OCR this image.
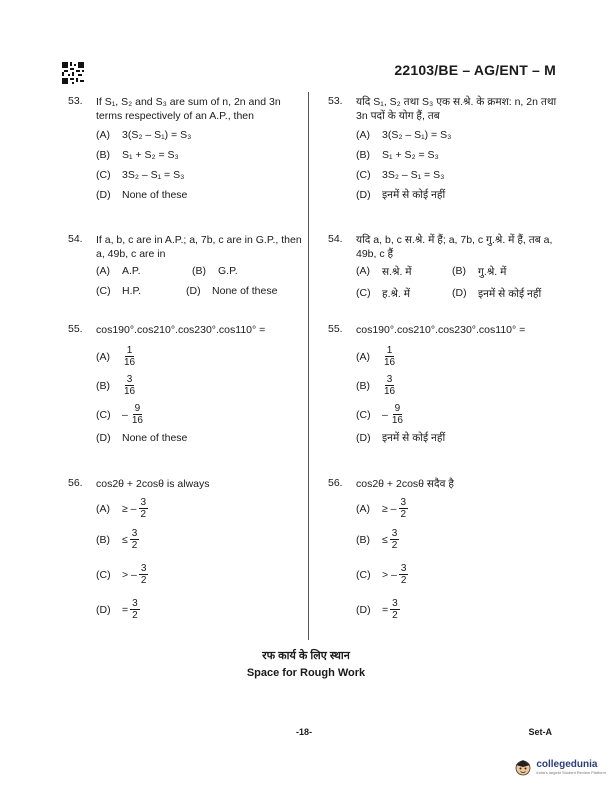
22103/BE – AG/ENT – M
53.	If S₁, S₂ and S₃ are sum of n, 2n and 3n terms respectively of an A.P., then
(A)	3(S₂ – S₁) = S₃
(B)	S₁ + S₂ = S₃
(C)	3S₂ – S₁ = S₃
(D)	None of these
54.	If a, b, c are in A.P.; a, 7b, c are in G.P., then a, 49b, c are in
(A)	A.P.	(B)	G.P.
(C)	H.P.	(D)	None of these
55.	cos190°.cos210°.cos230°.cos110° =
(A)	$\frac{1}{16}$
(B)	$\frac{3}{16}$
(C)	– $\frac{9}{16}$
(D)	None of these
56.	cos2θ + 2cosθ is always
(A)	≥ – $\frac{3}{2}$
(B)	≤ $\frac{3}{2}$
(C)	> – $\frac{3}{2}$
(D)	= $\frac{3}{2}$
53.	यदि S₁, S₂ तथा S₃ एक स.श्रे. के क्रमश: n, 2n तथा 3n पदों के योग हैं, तब
(A)	3(S₂ – S₁) = S₃
(B)	S₁ + S₂ = S₃
(C)	3S₂ – S₁ = S₃
(D)	इनमें से कोई नहीं
54.	यदि a, b, c स.श्रे. में हैं; a, 7b, c गु.श्रे. में हैं, तब a, 49b, c हैं
(A)	स.श्रे. में	(B)	गु.श्रे. में
(C)	ह.श्रे. में	(D)	इनमें से कोई नहीं
55.	cos190°.cos210°.cos230°.cos110° =
(A)	$\frac{1}{16}$
(B)	$\frac{3}{16}$
(C)	– $\frac{9}{16}$
(D)	इनमें से कोई नहीं
56.	cos2θ + 2cosθ सदैव है
(A)	≥ – $\frac{3}{2}$
(B)	≤ $\frac{3}{2}$
(C)	> – $\frac{3}{2}$
(D)	= $\frac{3}{2}$
रफ कार्य के लिए स्थान
Space for Rough Work
-18-	Set-A
collegedunia
India's largest Student Review Platform
